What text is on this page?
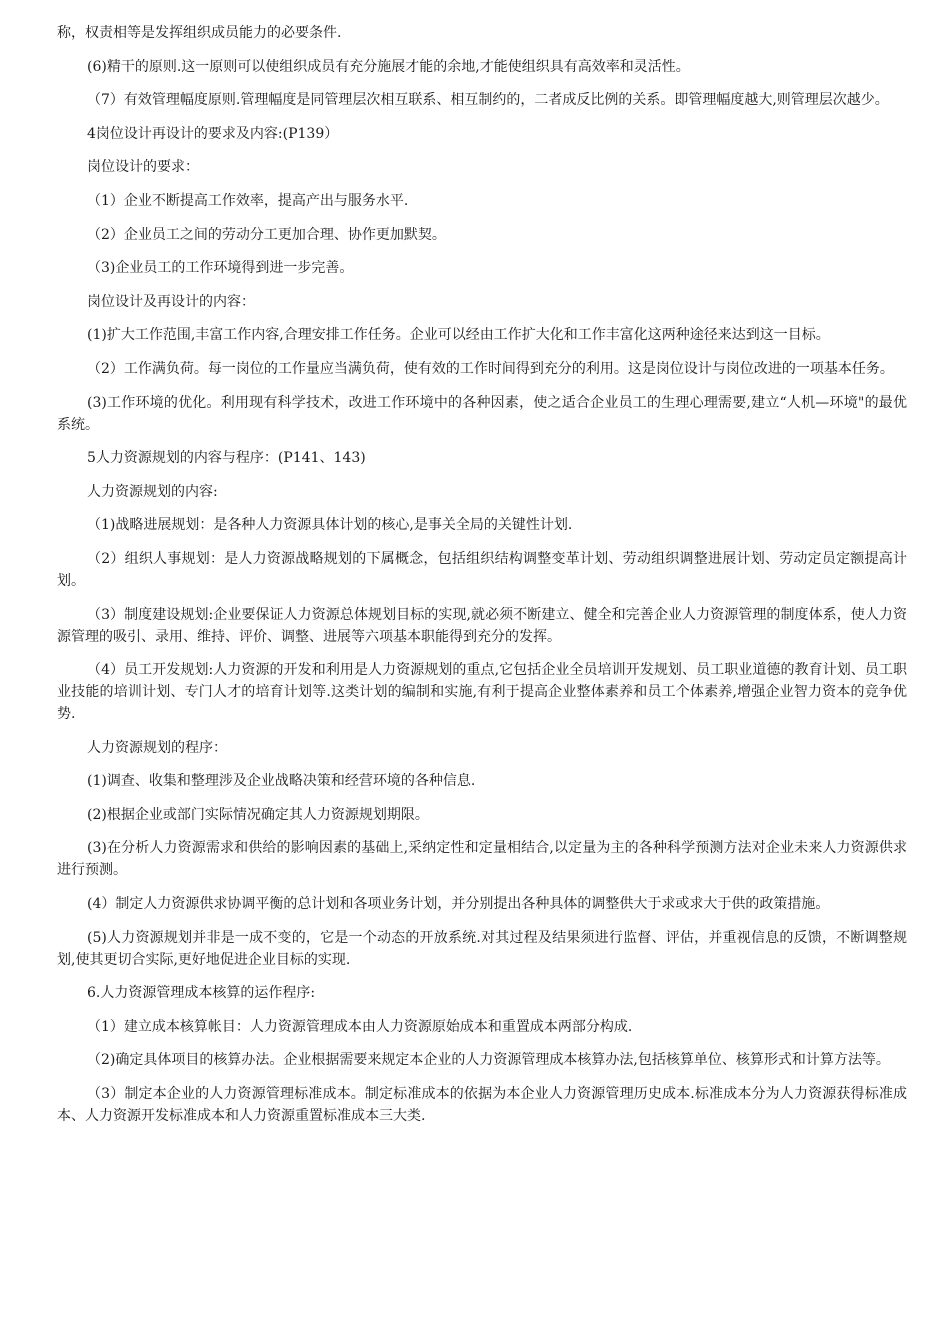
称，权责相等是发挥组织成员能力的必要条件.

(6)精干的原则.这一原则可以使组织成员有充分施展才能的余地,才能使组织具有高效率和灵活性。

（7）有效管理幅度原则.管理幅度是同管理层次相互联系、相互制约的，二者成反比例的关系。即管理幅度越大,则管理层次越少。

4岗位设计再设计的要求及内容:(P139）

岗位设计的要求：

（1）企业不断提高工作效率，提高产出与服务水平.

（2）企业员工之间的劳动分工更加合理、协作更加默契。

（3)企业员工的工作环境得到进一步完善。

岗位设计及再设计的内容：

(1)扩大工作范围,丰富工作内容,合理安排工作任务。企业可以经由工作扩大化和工作丰富化这两种途径来达到这一目标。

（2）工作满负荷。每一岗位的工作量应当满负荷，使有效的工作时间得到充分的利用。这是岗位设计与岗位改进的一项基本任务。

(3)工作环境的优化。利用现有科学技术，改进工作环境中的各种因素，使之适合企业员工的生理心理需要,建立“人机—环境"的最优系统。

5人力资源规划的内容与程序：(P141、143)

人力资源规划的内容:

（1)战略进展规划：是各种人力资源具体计划的核心,是事关全局的关键性计划.

（2）组织人事规划：是人力资源战略规划的下属概念，包括组织结构调整变革计划、劳动组织调整进展计划、劳动定员定额提高计划。

（3）制度建设规划:企业要保证人力资源总体规划目标的实现,就必须不断建立、健全和完善企业人力资源管理的制度体系，使人力资源管理的吸引、录用、维持、评价、调整、进展等六项基本职能得到充分的发挥。

（4）员工开发规划:人力资源的开发和利用是人力资源规划的重点,它包括企业全员培训开发规划、员工职业道德的教育计划、员工职业技能的培训计划、专门人才的培育计划等.这类计划的编制和实施,有利于提高企业整体素养和员工个体素养,增强企业智力资本的竞争优势.

人力资源规划的程序：

(1)调查、收集和整理涉及企业战略决策和经营环境的各种信息.

(2)根据企业或部门实际情况确定其人力资源规划期限。

(3)在分析人力资源需求和供给的影响因素的基础上,采纳定性和定量相结合,以定量为主的各种科学预测方法对企业未来人力资源供求进行预测。

(4）制定人力资源供求协调平衡的总计划和各项业务计划，并分别提出各种具体的调整供大于求或求大于供的政策措施。

(5)人力资源规划并非是一成不变的，它是一个动态的开放系统.对其过程及结果须进行监督、评估，并重视信息的反馈，不断调整规划,使其更切合实际,更好地促进企业目标的实现.

6.人力资源管理成本核算的运作程序:

（1）建立成本核算帐目：人力资源管理成本由人力资源原始成本和重置成本两部分构成.

（2)确定具体项目的核算办法。企业根据需要来规定本企业的人力资源管理成本核算办法,包括核算单位、核算形式和计算方法等。

（3）制定本企业的人力资源管理标准成本。制定标准成本的依据为本企业人力资源管理历史成本.标准成本分为人力资源获得标准成本、人力资源开发标准成本和人力资源重置标准成本三大类.
